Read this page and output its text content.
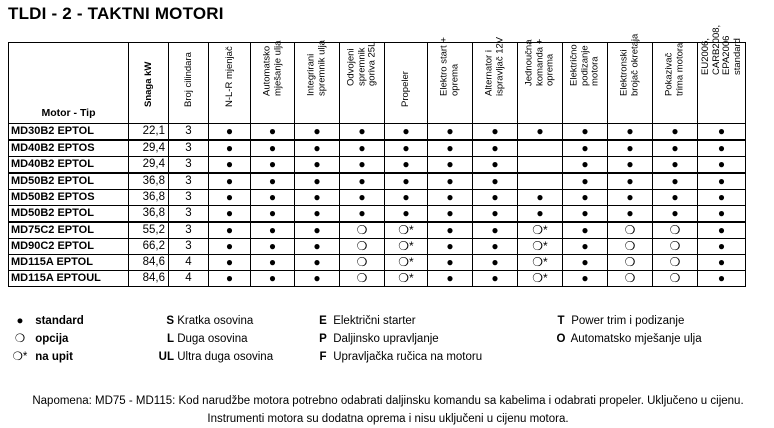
TLDI - 2 - TAKTNI MOTORI
Motor - Tip	Snaga kW	Broj cilindara	N-L-R mjenjač	Automatsko
mješanje ulja	Integrirani
spremnik ulja	Odvojeni
spremnik
goriva 25L	Propeler	Elektro start +
oprema	Alternator i
ispravljač 12V	Jednoučna
komanda +
oprema	Električno
podizanje
motora	Elektronski
brojač okretaja	Pokazivač
trima motora	EU2006,
CARB2008,
EPA2006
standard

MD30B2 EPTOL	22,1	3	●	●	●	●	●	●	●	●	●	●	●	●
MD40B2 EPTOS	29,4	3	●	●	●	●	●	●	●		●	●	●	●
MD40B2 EPTOL	29,4	3	●	●	●	●	●	●	●		●	●	●	●
MD50B2 EPTOL	36,8	3	●	●	●	●	●	●	●		●	●	●	●
MD50B2 EPTOS	36,8	3	●	●	●	●	●	●	●	●	●	●	●	●
MD50B2 EPTOL	36,8	3	●	●	●	●	●	●	●	●	●	●	●	●
MD75C2 EPTOL	55,2	3	●	●	●	❍	❍*	●	●	❍*	●	❍	❍	●
MD90C2 EPTOL	66,2	3	●	●	●	❍	❍*	●	●	❍*	●	❍	❍	●
MD115A EPTOL	84,6	4	●	●	●	❍	❍*	●	●	❍*	●	❍	❍	●
MD115A EPTOUL	84,6	4	●	●	●	❍	❍*	●	●	❍*	●	❍	❍	●
● standard
❍ opcija
❍* na upit
S Kratka osovina
L Duga osovina
UL Ultra duga osovina
E Električni starter
P Daljinsko upravljanje
F Upravljačka ručica na motoru
T Power trim i podizanje
O Automatsko mješanje ulja
Napomena: MD75 - MD115: Kod narudžbe motora potrebno odabrati daljinsku komandu sa kabelima i odabrati propeler. Uključeno u cijenu.
Instrumenti motora su dodatna oprema i nisu uključeni u cijenu motora.
